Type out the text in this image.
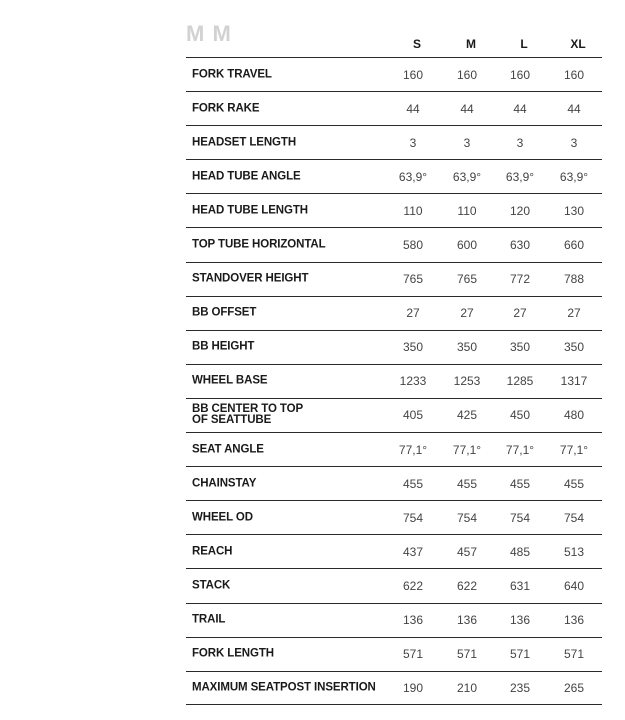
M M	S	M	L	XL
FORK TRAVEL	160	160	160	160
FORK RAKE	44	44	44	44
HEADSET LENGTH	3	3	3	3
HEAD TUBE ANGLE	63,9°	63,9°	63,9°	63,9°
HEAD TUBE LENGTH	110	110	120	130
TOP TUBE HORIZONTAL	580	600	630	660
STANDOVER HEIGHT	765	765	772	788
BB OFFSET	27	27	27	27
BB HEIGHT	350	350	350	350
WHEEL BASE	1233	1253	1285	1317
BB CENTER TO TOP
OF SEATTUBE	405	425	450	480
SEAT ANGLE	77,1°	77,1°	77,1°	77,1°
CHAINSTAY	455	455	455	455
WHEEL OD	754	754	754	754
REACH	437	457	485	513
STACK	622	622	631	640
TRAIL	136	136	136	136
FORK LENGTH	571	571	571	571
MAXIMUM SEATPOST INSERTION	190	210	235	265
